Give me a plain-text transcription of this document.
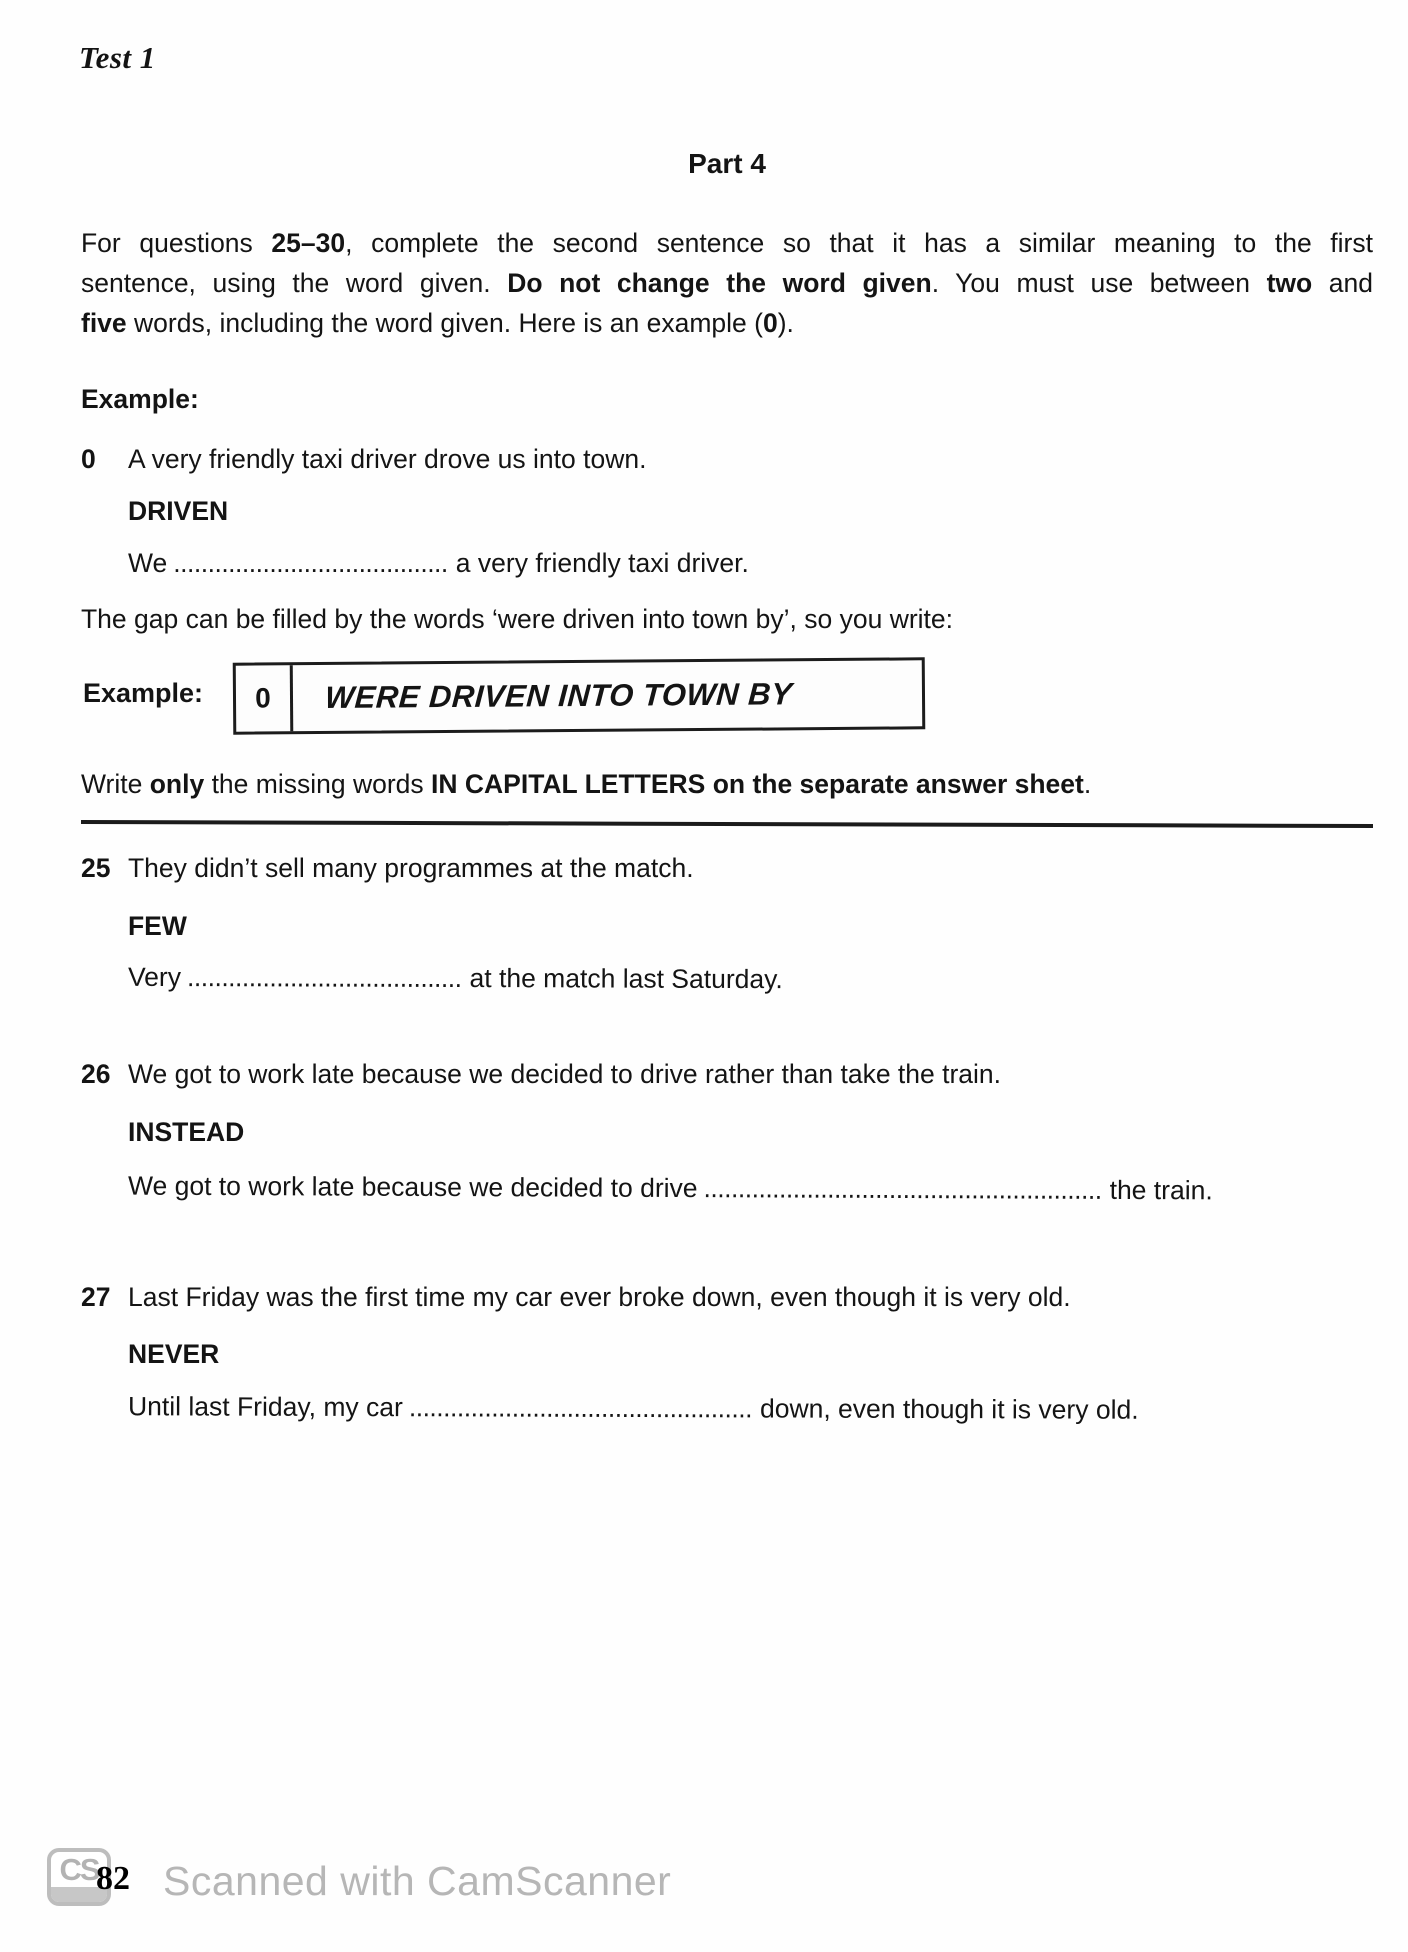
Test 1
Part 4
For questions 25–30, complete the second sentence so that it has a similar meaning to the first
sentence, using the word given. Do not change the word given. You must use between two and
five words, including the word given. Here is an example (0).
Example:
0	A very friendly taxi driver drove us into town.
DRIVEN
We ........................................ a very friendly taxi driver.
The gap can be filled by the words ‘were driven into town by’, so you write:
Example:	0	WERE DRIVEN INTO TOWN BY
Write only the missing words IN CAPITAL LETTERS on the separate answer sheet.
25 They didn’t sell many programmes at the match.
FEW
Very ........................................ at the match last Saturday.
26 We got to work late because we decided to drive rather than take the train.
INSTEAD
We got to work late because we decided to drive .......................................................... the train.
27 Last Friday was the first time my car ever broke down, even though it is very old.
NEVER
Until last Friday, my car .................................................. down, even though it is very old.
CS
82 Scanned with CamScanner
